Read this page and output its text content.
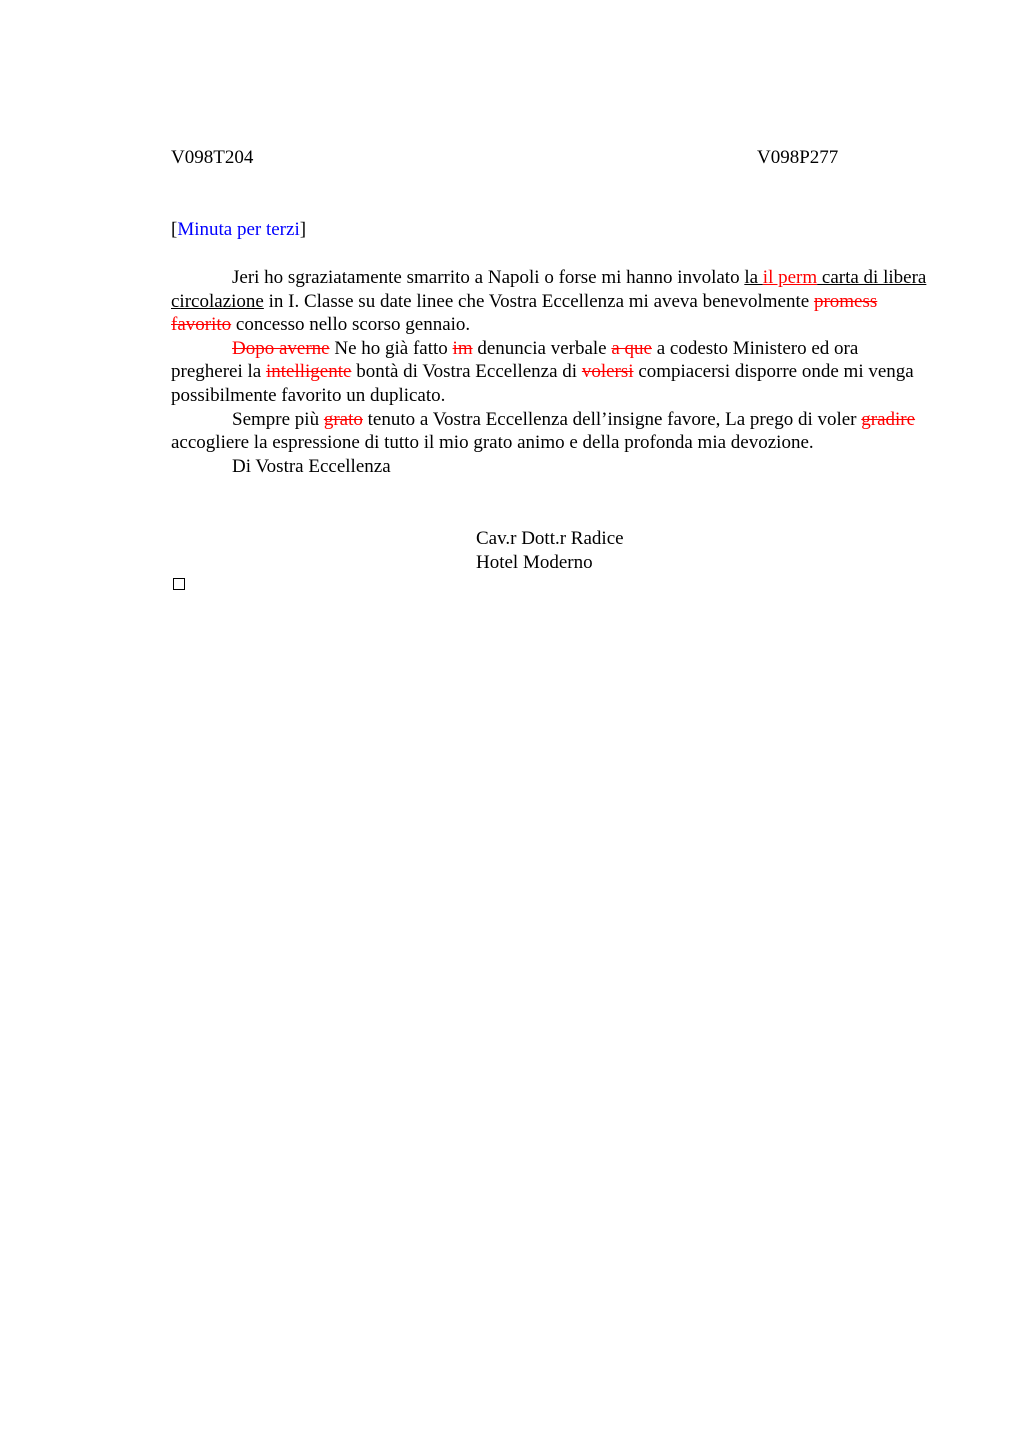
V098T204	V098P277
[Minuta per terzi]

Jeri ho sgraziatamente smarrito a Napoli o forse mi hanno involato la il perm carta di libera circolazione in I. Classe su date linee che Vostra Eccellenza mi aveva benevolmente promess favorito concesso nello scorso gennaio.

Dopo averne Ne ho già fatto im denuncia verbale a que a codesto Ministero ed ora pregherei la intelligente bontà di Vostra Eccellenza di volersi compiacersi disporre onde mi venga possibilmente favorito un duplicato.

Sempre più grato tenuto a Vostra Eccellenza dell’insigne favore, La prego di voler gradire accogliere la espressione di tutto il mio grato animo e della profonda mia devozione.

Di Vostra Eccellenza

Cav.r Dott.r Radice
Hotel Moderno
